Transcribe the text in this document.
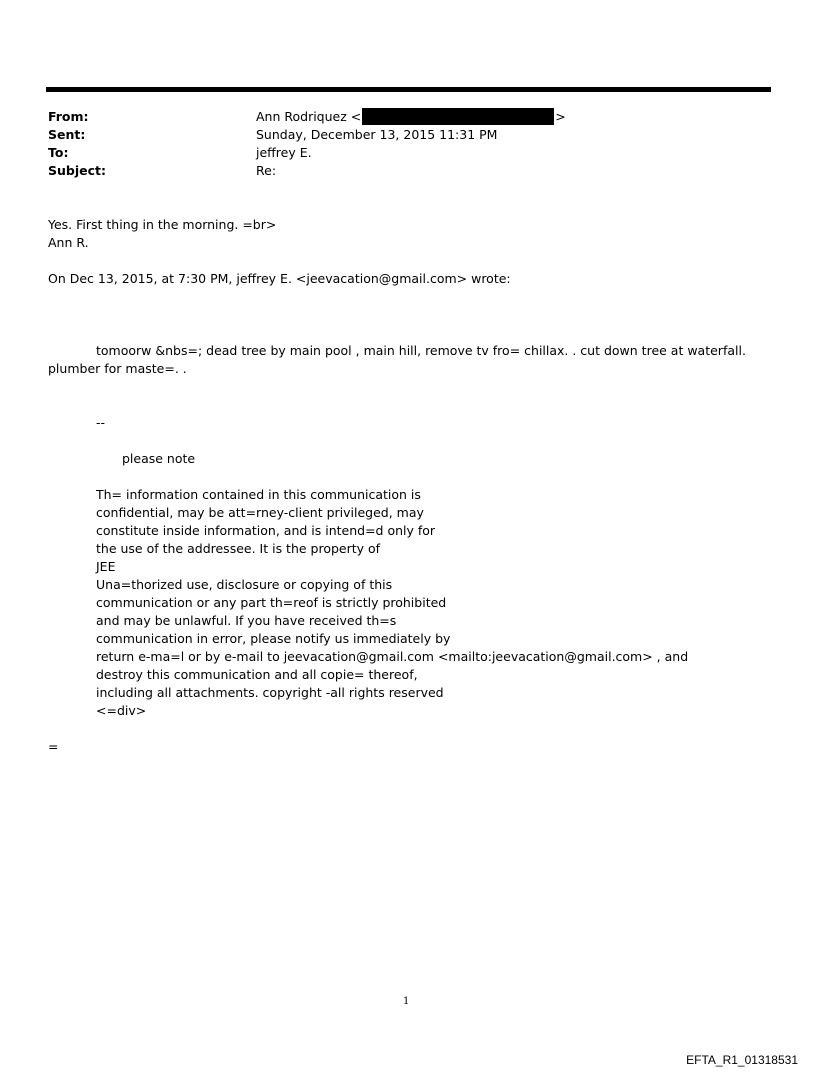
From:	Ann Rodriquez <	>
Sent:	Sunday, December 13, 2015 11:31 PM
To:	jeffrey E.
Subject:	Re:
Yes. First thing in the morning. =br>
Ann R.
On Dec 13, 2015, at 7:30 PM, jeffrey E. <jeevacation@gmail.com> wrote:
tomoorw &nbs=; dead tree by main pool , main hill, remove tv fro= chillax. . cut down tree at waterfall.
plumber for maste=. .
--
please note
Th= information contained in this communication is
confidential, may be att=rney-client privileged, may
constitute inside information, and is intend=d only for
the use of the addressee. It is the property of
JEE
Una=thorized use, disclosure or copying of this
communication or any part th=reof is strictly prohibited
and may be unlawful. If you have received th=s
communication in error, please notify us immediately by
return e-ma=l or by e-mail to jeevacation@gmail.com <mailto:jeevacation@gmail.com> , and
destroy this communication and all copie= thereof,
including all attachments. copyright -all rights reserved
<=div>
=
1
EFTA_R1_01318531
